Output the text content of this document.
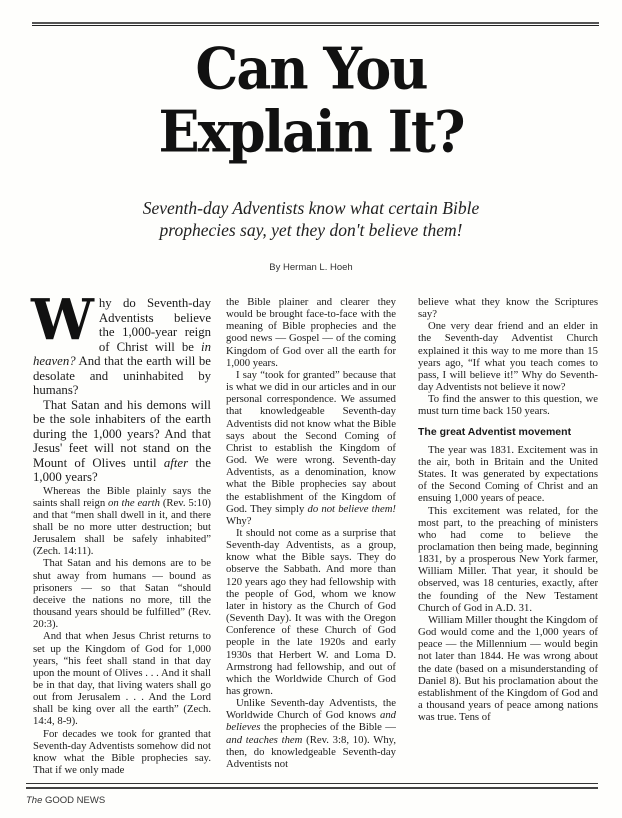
Can You
Explain It?
Seventh-day Adventists know what certain Bible
prophecies say, yet they don't believe them!
By Herman L. Hoeh

Why do Seventh-day Adventists believe the 1,000-year reign of Christ will be in heaven? And that the earth will be desolate and uninhabited by humans?

That Satan and his demons will be the sole inhabiters of the earth during the 1,000 years? And that Jesus' feet will not stand on the Mount of Olives until after the 1,000 years?

Whereas the Bible plainly says the saints shall reign on the earth (Rev. 5:10) and that “men shall dwell in it, and there shall be no more utter destruction; but Jerusalem shall be safely inhabited” (Zech. 14:11).

That Satan and his demons are to be shut away from humans — bound as prisoners — so that Satan “should deceive the nations no more, till the thousand years should be fulfilled” (Rev. 20:3).

And that when Jesus Christ returns to set up the Kingdom of God for 1,000 years, “his feet shall stand in that day upon the mount of Olives . . . And it shall be in that day, that living waters shall go out from Jerusalem . . . And the Lord shall be king over all the earth” (Zech. 14:4, 8-9).

For decades we took for granted that Seventh-day Adventists somehow did not know what the Bible prophecies say. That if we only made

the Bible plainer and clearer they would be brought face-to-face with the meaning of Bible prophecies and the good news — Gospel — of the coming Kingdom of God over all the earth for 1,000 years.

I say “took for granted” because that is what we did in our articles and in our personal correspondence. We assumed that knowledgeable Seventh-day Adventists did not know what the Bible says about the Second Coming of Christ to establish the Kingdom of God. We were wrong. Seventh-day Adventists, as a denomination, know what the Bible prophecies say about the establishment of the Kingdom of God. They simply do not believe them! Why?

It should not come as a surprise that Seventh-day Adventists, as a group, know what the Bible says. They do observe the Sabbath. And more than 120 years ago they had fellowship with the people of God, whom we know later in history as the Church of God (Seventh Day). It was with the Oregon Conference of these Church of God people in the late 1920s and early 1930s that Herbert W. and Loma D. Armstrong had fellowship, and out of which the Worldwide Church of God has grown.

Unlike Seventh-day Adventists, the Worldwide Church of God knows and believes the prophecies of the Bible — and teaches them (Rev. 3:8, 10). Why, then, do knowledgeable Seventh-day Adventists not

believe what they know the Scriptures say?

One very dear friend and an elder in the Seventh-day Adventist Church explained it this way to me more than 15 years ago, “If what you teach comes to pass, I will believe it!” Why do Seventh-day Adventists not believe it now?

To find the answer to this question, we must turn time back 150 years.

The great Adventist movement

The year was 1831. Excitement was in the air, both in Britain and the United States. It was generated by expectations of the Second Coming of Christ and an ensuing 1,000 years of peace.

This excitement was related, for the most part, to the preaching of ministers who had come to believe the proclamation then being made, beginning 1831, by a prosperous New York farmer, William Miller. That year, it should be observed, was 18 centuries, exactly, after the founding of the New Testament Church of God in A.D. 31.

William Miller thought the Kingdom of God would come and the 1,000 years of peace — the Millennium — would begin not later than 1844. He was wrong about the date (based on a misunderstanding of Daniel 8). But his proclamation about the establishment of the Kingdom of God and a thousand years of peace among nations was true. Tens of

The GOOD NEWS
